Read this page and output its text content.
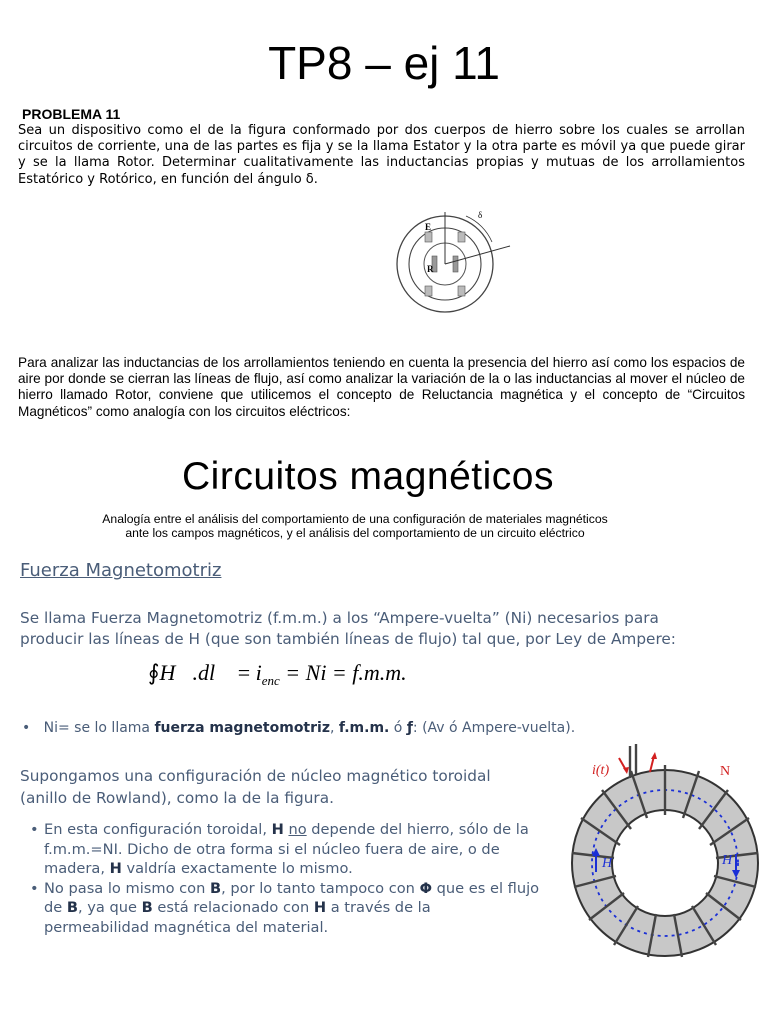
TP8 – ej 11
PROBLEMA 11
Sea un dispositivo como el de la figura conformado por dos cuerpos de hierro sobre los cuales se arrollan circuitos de corriente, una de las partes es fija y se la llama Estator y la otra parte es móvil ya que puede girar y se la llama Rotor. Determinar cualitativamente las inductancias propias y mutuas de los arrollamientos Estatórico y Rotórico, en función del ángulo δ.
E
R
δ
Para analizar las inductancias de los arrollamientos teniendo en cuenta la presencia del hierro así como los espacios de aire por donde se cierran las líneas de flujo, así como analizar la variación de la o las inductancias al mover el núcleo de hierro llamado Rotor, conviene que utilicemos el concepto de Reluctancia magnética y el concepto de “Circuitos Magnéticos” como analogía con los circuitos eléctricos:
Circuitos magnéticos
Analogía entre el análisis del comportamiento de una configuración de materiales magnéticos
ante los campos magnéticos, y el análisis del comportamiento de un circuito eléctrico
Fuerza Magnetomotriz
Se llama Fuerza Magnetomotriz (f.m.m.) a los “Ampere-vuelta” (Ni) necesarios para producir las líneas de H (que son también líneas de flujo) tal que, por Ley de Ampere:
∮H⃗.dl⃗ = $i_{enc} = Ni = f.m.m$.
• Ni= se lo llama fuerza magnetomotriz, f.m.m. ó ƒ: (Av ó Ampere-vuelta).
Supongamos una configuración de núcleo magnético toroidal (anillo de Rowland), como la de la figura.
• En esta configuración toroidal, H no depende del hierro, sólo de la f.m.m.=NI. Dicho de otra forma si el núcleo fuera de aire, o de madera, H valdría exactamente lo mismo.
• No pasa lo mismo con B, por lo tanto tampoco con Φ que es el flujo de B, ya que B está relacionado con H a través de la permeabilidad magnética del material.
i(t)	N
H	H
